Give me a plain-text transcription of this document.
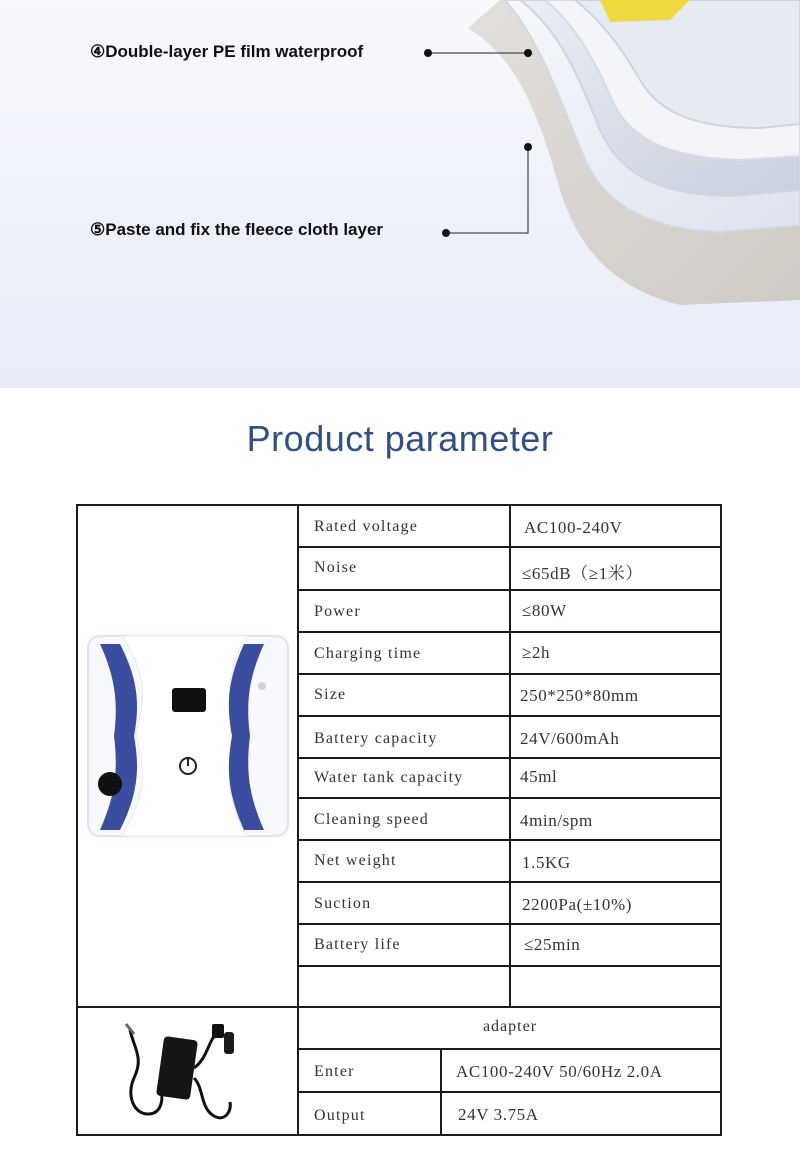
④Double-layer PE film waterproof
⑤Paste and fix the fleece cloth layer
Product parameter
Rated voltage	AC100-240V
Noise	≤65dB（≥1米）
Power	≤80W
Charging time	≥2h
Size	250*250*80mm
Battery capacity	24V/600mAh
Water tank capacity	45ml
Cleaning speed	4min/spm
Net weight	1.5KG
Suction	2200Pa(±10%)
Battery life	≤25min
adapter
Enter	AC100-240V 50/60Hz 2.0A
Output	24V 3.75A
